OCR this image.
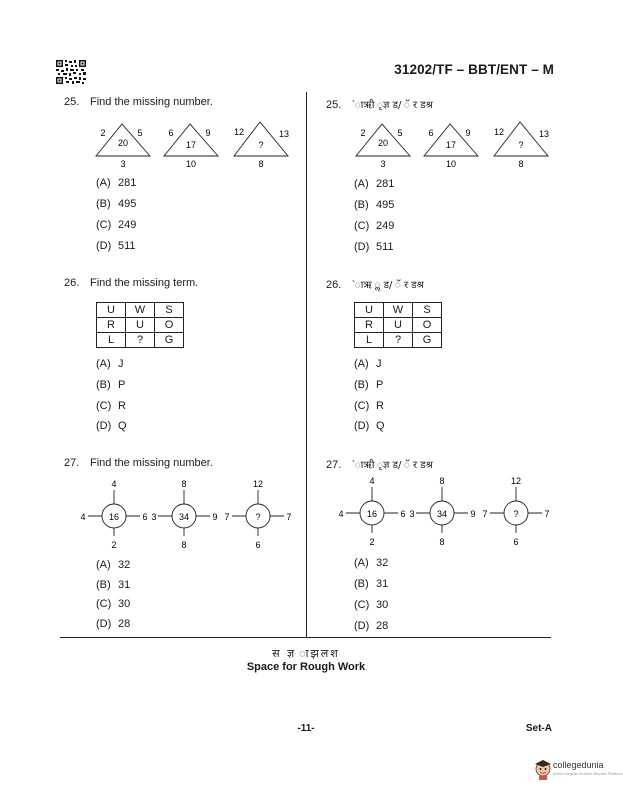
31202/TF – BBT/ENT – M
25. Find the missing number.
2	5
20
3
6	9
17
10
12	13
?
8
(A) 281
(B) 495
(C) 249
(D) 511
26. Find the missing term.
U	W	S
R	U	O
L	?	G
(A) J
(B) P
(C) R
(D) Q
27. Find the missing number.
16
4
4	6
2
34
8
3	9
8
?
12
7	7
6
(A) 32
(B) 31
(C) 30
(D) 28
25. ˋाऋी ृज्ञ ड/ ॅ र डश्र
2	5
20
3
6	9
17
10
12	13
?
8
(A) 281
(B) 495
(C) 249
(D) 511
26. ˋाऋ ॢ ड/ ॅ र डश्र
U	W	S
R	U	O
L	?	G
(A) J
(B) P
(C) R
(D) Q
27. ˋाऋी ृज्ञ ड/ ॅ र डश्र
16
4
4	6
2
34
8
3	9
8
?
12
7	7
6
(A) 32
(B) 31
(C) 30
(D) 28
स ज्ञ ाझलश
Space for Rough Work
-11-	Set-A
collegedunia
India's largest Student Review Platform
